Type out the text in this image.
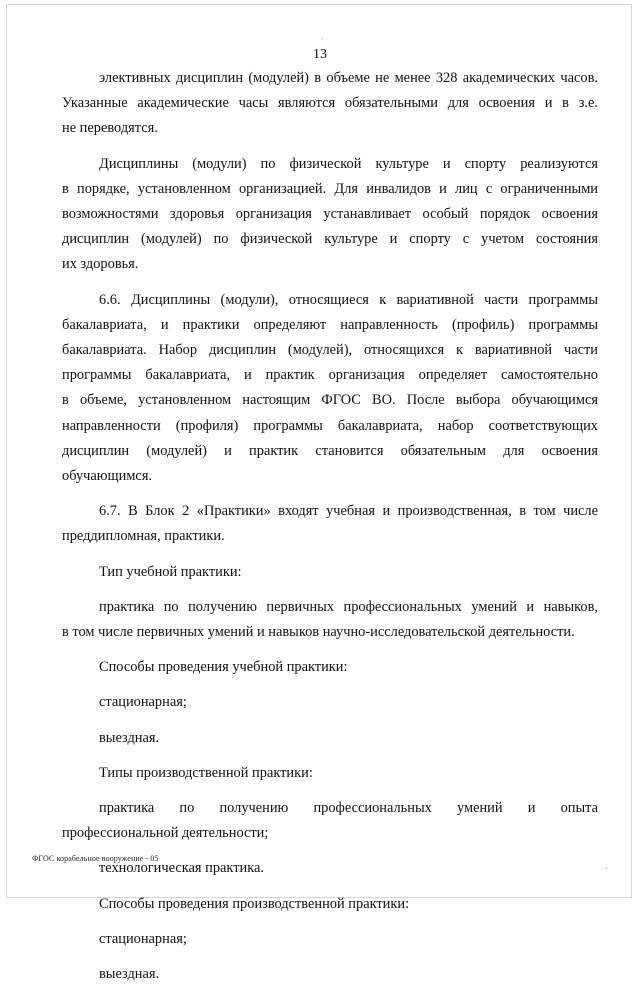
13

элективных дисциплин (модулей) в объеме не менее 328 академических часов.
Указанные академические часы являются обязательными для освоения и в з.е.
не переводятся.

Дисциплины (модули) по физической культуре и спорту реализуются
в порядке, установленном организацией. Для инвалидов и лиц с ограниченными
возможностями здоровья организация устанавливает особый порядок освоения
дисциплин (модулей) по физической культуре и спорту с учетом состояния
их здоровья.

6.6. Дисциплины (модули), относящиеся к вариативной части программы
бакалавриата, и практики определяют направленность (профиль) программы
бакалавриата. Набор дисциплин (модулей), относящихся к вариативной части
программы бакалавриата, и практик организация определяет самостоятельно
в объеме, установленном настоящим ФГОС ВО. После выбора обучающимся
направленности (профиля) программы бакалавриата, набор соответствующих
дисциплин (модулей) и практик становится обязательным для освоения
обучающимся.

6.7. В Блок 2 «Практики» входят учебная и производственная, в том числе
преддипломная, практики.

Тип учебной практики:

практика по получению первичных профессиональных умений и навыков,
в том числе первичных умений и навыков научно-исследовательской деятельности.

Способы проведения учебной практики:

стационарная;

выездная.

Типы производственной практики:

практика по получению профессиональных умений и опыта
профессиональной деятельности;

технологическая практика.

Способы проведения производственной практики:

стационарная;

выездная.

ФГОС корабельное вооружение - 05
